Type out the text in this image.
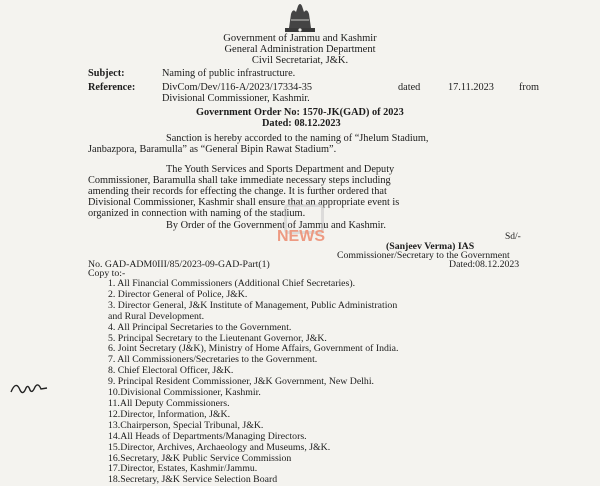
Government of Jammu and Kashmir
General Administration Department
Civil Secretariat, J&K.
Subject:	Naming of public infrastructure.
Reference:	DivCom/Dev/116-A/2023/17334-35	dated	17.11.2023 from
Divisional Commissioner, Kashmir.
Government Order No: 1570-JK(GAD) of 2023
Dated: 08.12.2023
Sanction is hereby accorded to the naming of “Jhelum Stadium,
Janbazpora, Baramulla” as “General Bipin Rawat Stadium”.
The Youth Services and Sports Department and Deputy
Commissioner, Baramulla shall take immediate necessary steps including
amending their records for effecting the change. It is further ordered that
Divisional Commissioner, Kashmir shall ensure that an appropriate event is
organized in connection with naming of the stadium.
By Order of the Government of Jammu and Kashmir.
Sd/-
(Sanjeev Verma) IAS
Commissioner/Secretary to the Government
No. GAD-ADM0III/85/2023-09-GAD-Part(1)	Dated:08.12.2023
Copy to:-
1. All Financial Commissioners (Additional Chief Secretaries).
2. Director General of Police, J&K.
3. Director General, J&K Institute of Management, Public Administration
and Rural Development.
4. All Principal Secretaries to the Government.
5. Principal Secretary to the Lieutenant Governor, J&K.
6. Joint Secretary (J&K), Ministry of Home Affairs, Government of India.
7. All Commissioners/Secretaries to the Government.
8. Chief Electoral Officer, J&K.
9. Principal Resident Commissioner, J&K Government, New Delhi.
10.Divisional Commissioner, Kashmir.
11.All Deputy Commissioners.
12.Director, Information, J&K.
13.Chairperson, Special Tribunal, J&K.
14.All Heads of Departments/Managing Directors.
15.Director, Archives, Archaeology and Museums, J&K.
16.Secretary, J&K Public Service Commission
17.Director, Estates, Kashmir/Jammu.
18.Secretary, J&K Service Selection Board
NEWS
